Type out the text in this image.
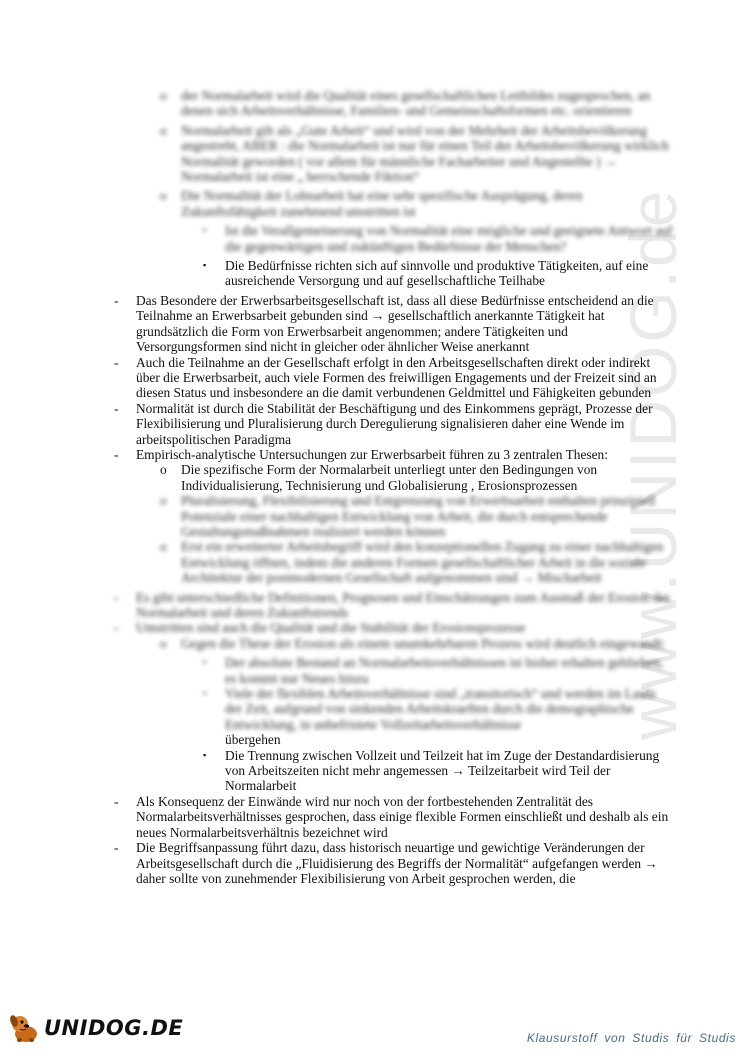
www.UNIDOG.de
o der Normalarbeit wird die Qualität eines gesellschaftlichen Leitbildes zugesprochen, an denen sich Arbeitsverhältnisse, Familien- und Gemeinschaftsformen etc. orientieren
o Normalarbeit gilt als „Gute Arbeit“ und wird von der Mehrheit der Arbeitsbevölkerung angestrebt, ABER : die Normalarbeit ist nur für einen Teil der Arbeitsbevölkerung wirklich Normalität geworden ( vor allem für männliche Facharbeiter und Angestellte ) → Normalarbeit ist eine „ herrschende Fiktion“
o Die Normalität der Lohnarbeit hat eine sehr spezifische Ausprägung, deren Zukunftsfähigkeit zunehmend umstritten ist
▪ Ist die Verallgemeinerung von Normalität eine mögliche und geeignete Antwort auf die gegenwärtigen und zukünftigen Bedürfnisse der Menschen?
▪ Die Bedürfnisse richten sich auf sinnvolle und produktive Tätigkeiten, auf eine ausreichende Versorgung und auf gesellschaftliche Teilhabe
- Das Besondere der Erwerbsarbeitsgesellschaft ist, dass all diese Bedürfnisse entscheidend an die Teilnahme an Erwerbsarbeit gebunden sind → gesellschaftlich anerkannte Tätigkeit hat grundsätzlich die Form von Erwerbsarbeit angenommen; andere Tätigkeiten und Versorgungsformen sind nicht in gleicher oder ähnlicher Weise anerkannt
- Auch die Teilnahme an der Gesellschaft erfolgt in den Arbeitsgesellschaften direkt oder indirekt über die Erwerbsarbeit, auch viele Formen des freiwilligen Engagements und der Freizeit sind an diesen Status und insbesondere an die damit verbundenen Geldmittel und Fähigkeiten gebunden
- Normalität ist durch die Stabilität der Beschäftigung und des Einkommens geprägt, Prozesse der Flexibilisierung und Pluralisierung durch Deregulierung signalisieren daher eine Wende im arbeitspolitischen Paradigma
- Empirisch-analytische Untersuchungen zur Erwerbsarbeit führen zu 3 zentralen Thesen:
o Die spezifische Form der Normalarbeit unterliegt unter den Bedingungen von Individualisierung, Technisierung und Globalisierung , Erosionsprozessen
o Pluralisierung, Flexibilisierung und Entgrenzung von Erwerbsarbeit enthalten prinzipiell Potenziale einer nachhaltigen Entwicklung von Arbeit, die durch entsprechende Gestaltungsmaßnahmen realisiert werden können
o Erst ein erweiterter Arbeitsbegriff wird den konzeptionellen Zugang zu einer nachhaltigen Entwicklung öffnen, indem die anderen Formen gesellschaftlicher Arbeit in die soziale Architektur der postmodernen Gesellschaft aufgenommen sind → Mischarbeit
- Es gibt unterschiedliche Definitionen, Prognosen und Einschätzungen zum Ausmaß der Erosion der Normalarbeit und deren Zukunftstrends
- Umstritten sind auch die Qualität und die Stabilität der Erosionsprozesse
o Gegen die These der Erosion als einem unumkehrbaren Prozess wird deutlich eingewandt:
▪ Der absolute Bestand an Normalarbeitsverhältnissen ist bisher erhalten geblieben, es kommt nur Neues hinzu
▪ Viele der flexiblen Arbeitsverhältnisse sind „transitorisch“ und werden im Laufe der Zeit, aufgrund von sinkenden Arbeitskraeften durch die demographische Entwicklung, in unbefristete Vollzeitarbeitsverhältnisse
übergehen
▪ Die Trennung zwischen Vollzeit und Teilzeit hat im Zuge der Destandardisierung von Arbeitszeiten nicht mehr angemessen → Teilzeitarbeit wird Teil der Normalarbeit
- Als Konsequenz der Einwände wird nur noch von der fortbestehenden Zentralität des Normalarbeitsverhältnisses gesprochen, dass einige flexible Formen einschließt und deshalb als ein neues Normalarbeitsverhältnis bezeichnet wird
- Die Begriffsanpassung führt dazu, dass historisch neuartige und gewichtige Veränderungen der Arbeitsgesellschaft durch die „Fluidisierung des Begriffs der Normalität“ aufgefangen werden → daher sollte von zunehmender Flexibilisierung von Arbeit gesprochen werden, die
UNIDOG.DE	Klausurstoff von Studis für Studis
